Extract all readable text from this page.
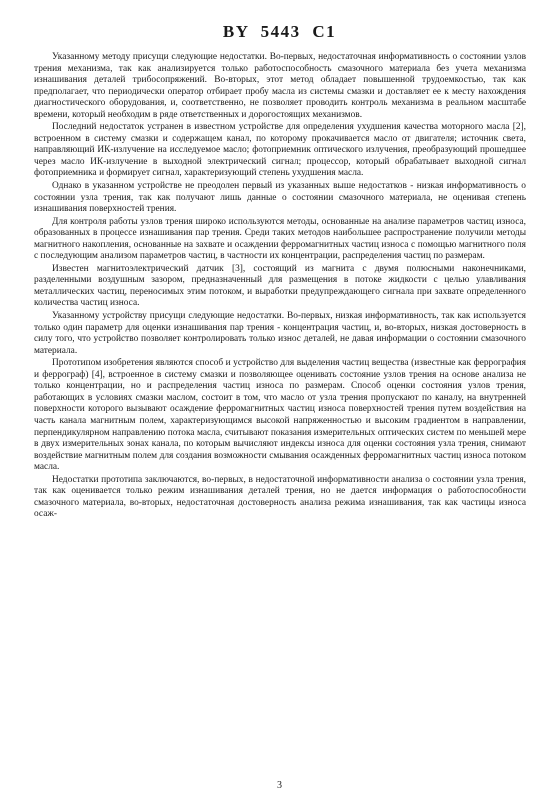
BY 5443 C1

Указанному методу присущи следующие недостатки. Во-первых, недостаточная информативность о состоянии узлов трения механизма, так как анализируется только работоспособность смазочного материала без учета механизма изнашивания деталей трибосопряжений. Во-вторых, этот метод обладает повышенной трудоемкостью, так как предполагает, что периодически оператор отбирает пробу масла из системы смазки и доставляет ее к месту нахождения диагностического оборудования, и, соответственно, не позволяет проводить контроль механизма в реальном масштабе времени, который необходим в ряде ответственных и дорогостоящих механизмов.

Последний недостаток устранен в известном устройстве для определения ухудшения качества моторного масла [2], встроенном в систему смазки и содержащем канал, по которому прокачивается масло от двигателя; источник света, направляющий ИК-излучение на исследуемое масло; фотоприемник оптического излучения, преобразующий прошедшее через масло ИК-излучение в выходной электрический сигнал; процессор, который обрабатывает выходной сигнал фотоприемника и формирует сигнал, характеризующий степень ухудшения масла.

Однако в указанном устройстве не преодолен первый из указанных выше недостатков - низкая информативность о состоянии узла трения, так как получают лишь данные о состоянии смазочного материала, не оценивая степень изнашивания поверхностей трения.

Для контроля работы узлов трения широко используются методы, основанные на анализе параметров частиц износа, образованных в процессе изнашивания пар трения. Среди таких методов наибольшее распространение получили методы магнитного накопления, основанные на захвате и осаждении ферромагнитных частиц износа с помощью магнитного поля с последующим анализом параметров частиц, в частности их концентрации, распределения частиц по размерам.

Известен магнитоэлектрический датчик [3], состоящий из магнита с двумя полюсными наконечниками, разделенными воздушным зазором, предназначенный для размещения в потоке жидкости с целью улавливания металлических частиц, переносимых этим потоком, и выработки предупреждающего сигнала при захвате определенного количества частиц износа.

Указанному устройству присущи следующие недостатки. Во-первых, низкая информативность, так как используется только один параметр для оценки изнашивания пар трения - концентрация частиц, и, во-вторых, низкая достоверность в силу того, что устройство позволяет контролировать только износ деталей, не давая информации о состоянии смазочного материала.

Прототипом изобретения являются способ и устройство для выделения частиц вещества (известные как феррография и феррограф) [4], встроенное в систему смазки и позволяющее оценивать состояние узлов трения на основе анализа не только концентрации, но и распределения частиц износа по размерам. Способ оценки состояния узлов трения, работающих в условиях смазки маслом, состоит в том, что масло от узла трения пропускают по каналу, на внутренней поверхности которого вызывают осаждение ферромагнитных частиц износа поверхностей трения путем воздействия на часть канала магнитным полем, характеризующимся высокой напряженностью и высоким градиентом в направлении, перпендикулярном направлению потока масла, считывают показания измерительных оптических систем по меньшей мере в двух измерительных зонах канала, по которым вычисляют индексы износа для оценки состояния узла трения, снимают воздействие магнитным полем для создания возможности смывания осажденных ферромагнитных частиц износа потоком масла.

Недостатки прототипа заключаются, во-первых, в недостаточной информативности анализа о состоянии узла трения, так как оценивается только режим изнашивания деталей трения, но не дается информация о работоспособности смазочного материала, во-вторых, недостаточная достоверность анализа режима изнашивания, так как частицы износа осаж-

3
